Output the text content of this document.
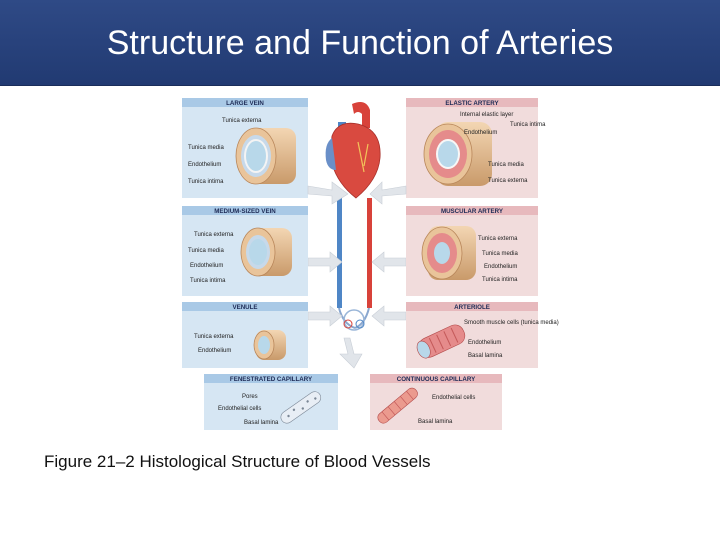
Structure and Function of Arteries
LARGE VEIN
Tunica externa
Tunica media
Endothelium
Tunica intima
ELASTIC ARTERY
Internal elastic layer
Endothelium
Tunica intima
Tunica media
Tunica externa
MEDIUM-SIZED VEIN
Tunica externa
Tunica media
Endothelium
Tunica intima
MUSCULAR ARTERY
Tunica externa
Tunica media
Endothelium
Tunica intima
VENULE
Tunica externa
Endothelium
ARTERIOLE
Smooth muscle cells (tunica media)
Endothelium
Basal lamina
FENESTRATED CAPILLARY
Pores
Endothelial cells
Basal lamina
CONTINUOUS CAPILLARY
Endothelial cells
Basal lamina
Figure 21–2 Histological Structure of Blood Vessels
